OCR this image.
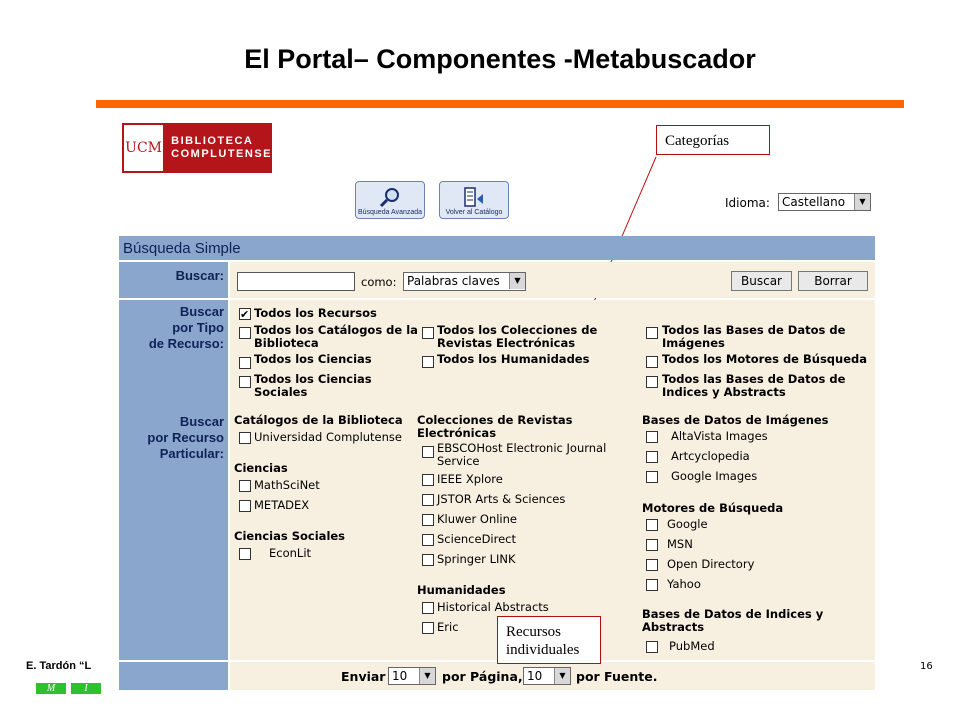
El Portal– Componentes -Metabuscador
UCM BIBLIOTECA
COMPLUTENSE
Búsqueda Avanzada	Volver al Catálogo
Idioma:	Castellano	▼
Búsqueda Simple
Buscar:	como: Palabras claves	▼	Buscar	Borrar
Buscar
por Tipo
de Recurso:
Buscar
por Recurso
Particular:
✔ Todos los Recursos
Todos los Catálogos de la Biblioteca
Todos los Ciencias
Todos los Ciencias Sociales
Todos los Colecciones de Revistas Electrónicas
Todos los Humanidades
Todos las Bases de Datos de Imágenes
Todos los Motores de Búsqueda
Todos las Bases de Datos de Indices y Abstracts
Catálogos de la Biblioteca
Universidad Complutense
Ciencias
MathSciNet
METADEX
Ciencias Sociales
EconLit
Colecciones de Revistas Electrónicas
EBSCOHost Electronic Journal Service
IEEE Xplore
JSTOR Arts & Sciences
Kluwer Online
ScienceDirect
Springer LINK
Humanidades
Historical Abstracts
Eric
Bases de Datos de Imágenes
AltaVista Images
Artcyclopedia
Google Images
Motores de Búsqueda
Google
MSN
Open Directory
Yahoo
Bases de Datos de Indices y Abstracts
PubMed
Enviar 10	▼ por Página, 10	▼ por Fuente.
Categorías
Recursos
individuales
E. Tardón “L	16
M	I
